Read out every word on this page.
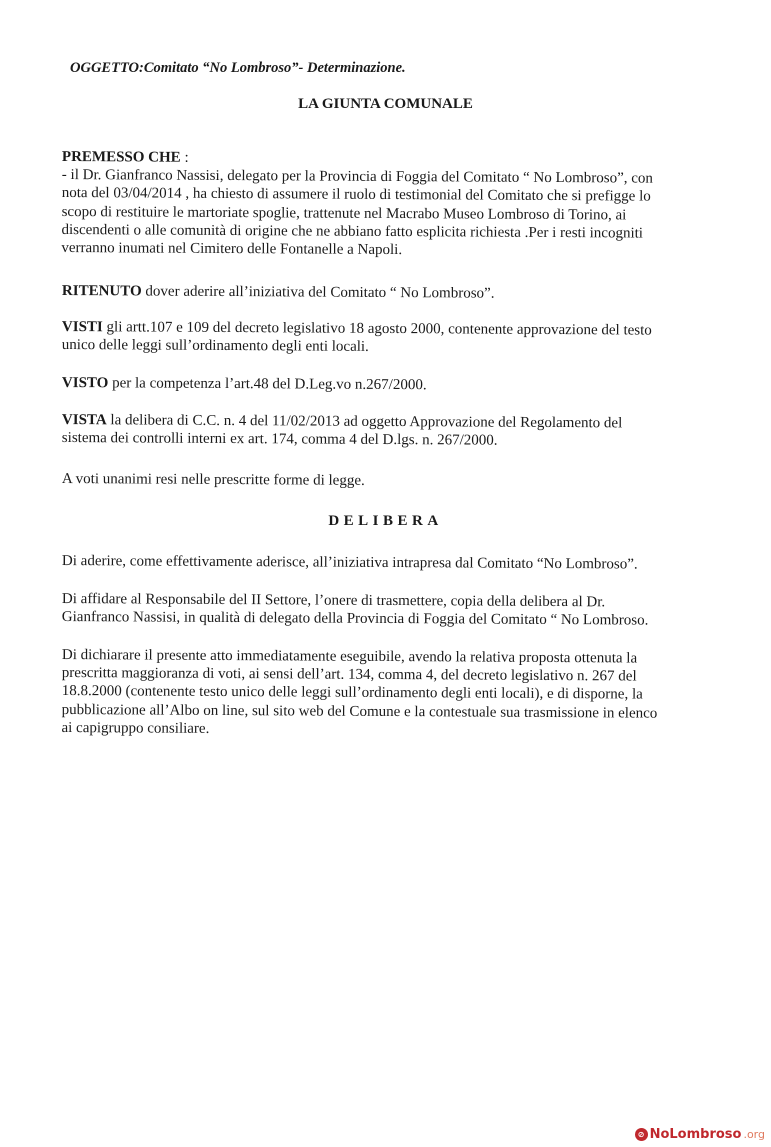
OGGETTO:Comitato “No Lombroso”- Determinazione.
LA GIUNTA COMUNALE
PREMESSO CHE :
- il Dr. Gianfranco Nassisi, delegato per la Provincia di Foggia del Comitato “ No Lombroso”, con
nota del 03/04/2014 , ha chiesto di assumere il ruolo di testimonial del Comitato che si prefigge lo
scopo di restituire le martoriate spoglie, trattenute nel Macrabo Museo Lombroso di Torino, ai
discendenti o alle comunità di origine che ne abbiano fatto esplicita richiesta .Per i resti incogniti
verranno inumati nel Cimitero delle Fontanelle a Napoli.
RITENUTO dover aderire all’iniziativa del Comitato “ No Lombroso”.
VISTI gli artt.107 e 109 del decreto legislativo 18 agosto 2000, contenente approvazione del testo
unico delle leggi sull’ordinamento degli enti locali.
VISTO per la competenza l’art.48 del D.Leg.vo n.267/2000.
VISTA la delibera di C.C. n. 4 del 11/02/2013 ad oggetto Approvazione del Regolamento del
sistema dei controlli interni ex art. 174, comma 4 del D.lgs. n. 267/2000.
A voti unanimi resi nelle prescritte forme di legge.
DELIBERA
Di aderire, come effettivamente aderisce, all’iniziativa intrapresa dal Comitato “No Lombroso”.
Di affidare al Responsabile del II Settore, l’onere di trasmettere, copia della delibera al Dr.
Gianfranco Nassisi, in qualità di delegato della Provincia di Foggia del Comitato “ No Lombroso.
Di dichiarare il presente atto immediatamente eseguibile, avendo la relativa proposta ottenuta la
prescritta maggioranza di voti, ai sensi dell’art. 134, comma 4, del decreto legislativo n. 267 del
18.8.2000 (contenente testo unico delle leggi sull’ordinamento degli enti locali), e di disporne, la
pubblicazione all’Albo on line, sul sito web del Comune e la contestuale sua trasmissione in elenco
ai capigruppo consiliare.
⊘ NoLombroso .org
